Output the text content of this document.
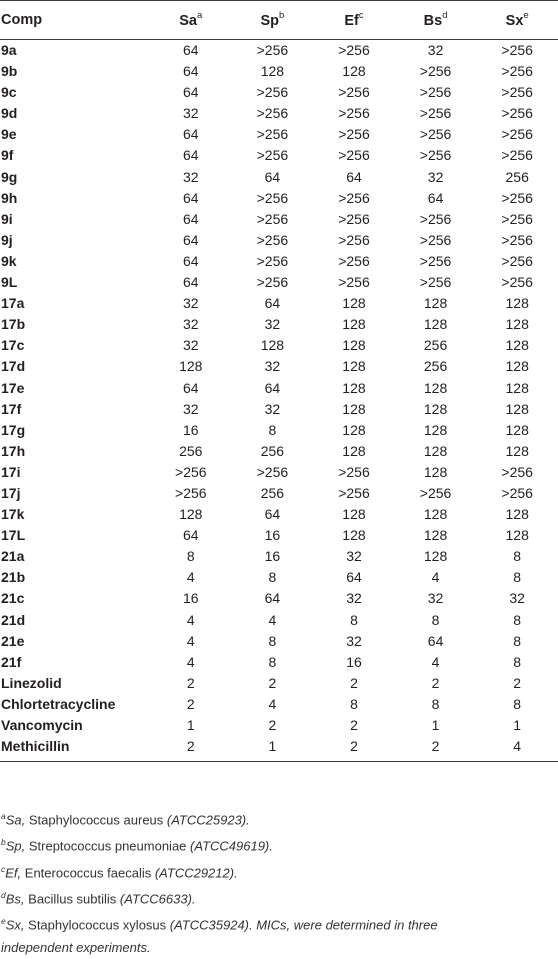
Comp	Sa$^a$	Sp$^b$	Ef$^c$	Bs$^d$	Sx$^e$
9a	64	>256	>256	32	>256
9b	64	128	128	>256	>256
9c	64	>256	>256	>256	>256
9d	32	>256	>256	>256	>256
9e	64	>256	>256	>256	>256
9f	64	>256	>256	>256	>256
9g	32	64	64	32	256
9h	64	>256	>256	64	>256
9i	64	>256	>256	>256	>256
9j	64	>256	>256	>256	>256
9k	64	>256	>256	>256	>256
9L	64	>256	>256	>256	>256
17a	32	64	128	128	128
17b	32	32	128	128	128
17c	32	128	128	256	128
17d	128	32	128	256	128
17e	64	64	128	128	128
17f	32	32	128	128	128
17g	16	8	128	128	128
17h	256	256	128	128	128
17i	>256	>256	>256	128	>256
17j	>256	256	>256	>256	>256
17k	128	64	128	128	128
17L	64	16	128	128	128
21a	8	16	32	128	8
21b	4	8	64	4	8
21c	16	64	32	32	32
21d	4	4	8	8	8
21e	4	8	32	64	8
21f	4	8	16	4	8
Linezolid	2	2	2	2	2
Chlortetracycline	2	4	8	8	8
Vancomycin	1	2	2	1	1
Methicillin	2	1	2	2	4

$^a$Sa, Staphylococcus aureus (ATCC25923).

$^b$Sp, Streptococcus pneumoniae (ATCC49619).

$^c$Ef, Enterococcus faecalis (ATCC29212).

$^d$Bs, Bacillus subtilis (ATCC6633).

$^e$Sx, Staphylococcus xylosus (ATCC35924). MICs, were determined in three

independent experiments.
